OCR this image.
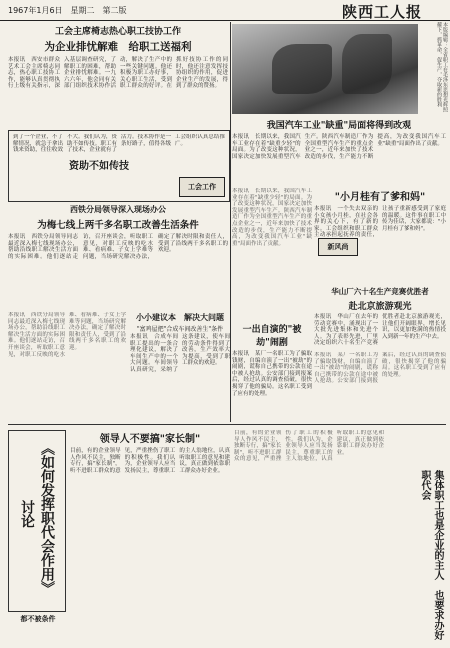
1967年1月6日　星期二　第二版	陕西工人报
本版编辑：全省职工在毛泽东思想光辉照耀下，抓革命，促生产，夺取新的胜利

工会主席椅志热心职工技协工作

为企业排忧解难　给职工送福利

本报讯　西安市群众艺术工会主席椅志同志，热心职工技协工作，能够认真贯彻执行上级有关指示，深入基层调查研究，了解职工的困难，帮助企业排忧解难。一九六六年，他会同有关部门组织技术协作活动，解决了生产中的一些关键问题。他还积极为职工办好事，关心职工生活，受到职工群众的好评。在抓好技协工作的同时，他还注意发挥技协组织的作用，促进企业生产的发展，得到了群众的赞扬。

资助不如传技

到了一个企业，不了解情况，就急于拿出钱来资助，往往收效不大。我们认为，资助不如传技。职工有了技术，企业就有了活力。技术协作是一条好路子，值得各级工会组织认真总结推广。

工会工作

西铁分局领导深入现场办公

为梅七线上两千多名职工改善生活条件

本报讯　西铁分局领导同志最近深入梅七线现场办公，帮助沿线职工解决生活方面的实际困难。他们逐站走访，召开座谈会，听取职工意见，对职工反映的吃水难、看病难、子女上学难等问题，当场研究解决办法，确定了解决时限和责任人，受到了沿线两千多名职工的欢迎。

小小建议本　解决大问题

"富鸡屋把"合成车间改善生"条件

本报讯　合成车间职工提出的一条合理化建议，解决了车间生产中的一个大问题。车间领导认真研究，采纳了这条建议，使车间的劳动条件得到了改善，生产效率大为提高，受到了职工群众的欢迎。

本报讯　西铁分局领导同志最近深入梅七线现场办公，帮助沿线职工解决生活方面的实际困难。他们逐站走访，召开座谈会，听取职工意见，对职工反映的吃水难、看病难、子女上学难等问题，当场研究解决办法，确定了解决时限和责任人，受到了沿线两千多名职工的欢迎。

我国汽车工业"缺重"局面将得到改观

本报讯　长期以来，我国汽车工业存在着"缺重少轻"的局面。为了改变这种状况，国家决定加快发展重型汽车生产。陕西汽车制造厂作为全国重型汽车生产的重点企业之一，近年来加快了技术改造的步伐，生产能力不断提高，为改变我国汽车工业"缺重"局面作出了贡献。

本报讯　长期以来，我国汽车工业存在着"缺重少轻"的局面。为了改变这种状况，国家决定加快发展重型汽车生产。陕西汽车制造厂作为全国重型汽车生产的重点企业之一，近年来加快了技术改造的步伐，生产能力不断提高，为改变我国汽车工业"缺重"局面作出了贡献。

"小月桂有了爹和妈"

本报讯　一个失去双亲的小女孩小月桂，在社会各界的关心下，有了新的家。工会组织和职工群众主动承担起抚养的责任，让孩子重新感受到了家庭的温暖。这件事在职工中传为佳话，大家都说："小月桂有了爹和妈"。

新风尚

华山厂六十名生产竞赛优胜者

赴北京旅游观光

本报讯　华山厂在去年的劳动竞赛中，涌现出了一大批先进集体和先进个人。为了表彰先进，厂里决定组织六十名生产竞赛优胜者赴北京旅游观光，让他们开阔眼界，增长见识，以更加饱满的热情投入到新一年的生产中去。

一出自演的"被劫"闹剧

本报讯　某厂一名职工为了骗取钱财，自编自演了一出"被劫"的闹剧，谎称自己携带的公款在途中被人抢劫。公安部门接到报案后，经过认真的调查侦破，很快揭穿了他的骗局。这名职工受到了应有的处理。

本报讯　某厂一名职工为了骗取钱财，自编自演了一出"被劫"的闹剧，谎称自己携带的公款在途中被人抢劫。公安部门接到报案后，经过认真的调查侦破，很快揭穿了他的骗局。这名职工受到了应有的处理。

《如何发挥职代会作用》讨论
都不被条件

领导人不要搞"家长制"

目前，有的企业领导人作风不民主，独断专行，搞"家长制"，听不进职工群众的意见，严重挫伤了职工的积极性。我们认为，企业领导人应当发扬民主，尊重职工的主人翁地位，认真听取职工的意见和建议，真正做到依靠职工群众办好企业。

目前，有的企业领导人作风不民主，独断专行，搞"家长制"，听不进职工群众的意见，严重挫伤了职工的积极性。我们认为，企业领导人应当发扬民主，尊重职工的主人翁地位，认真听取职工的意见和建议，真正做到依靠职工群众办好企业。

集体职工也是企业的主人　也要求办好职代会
